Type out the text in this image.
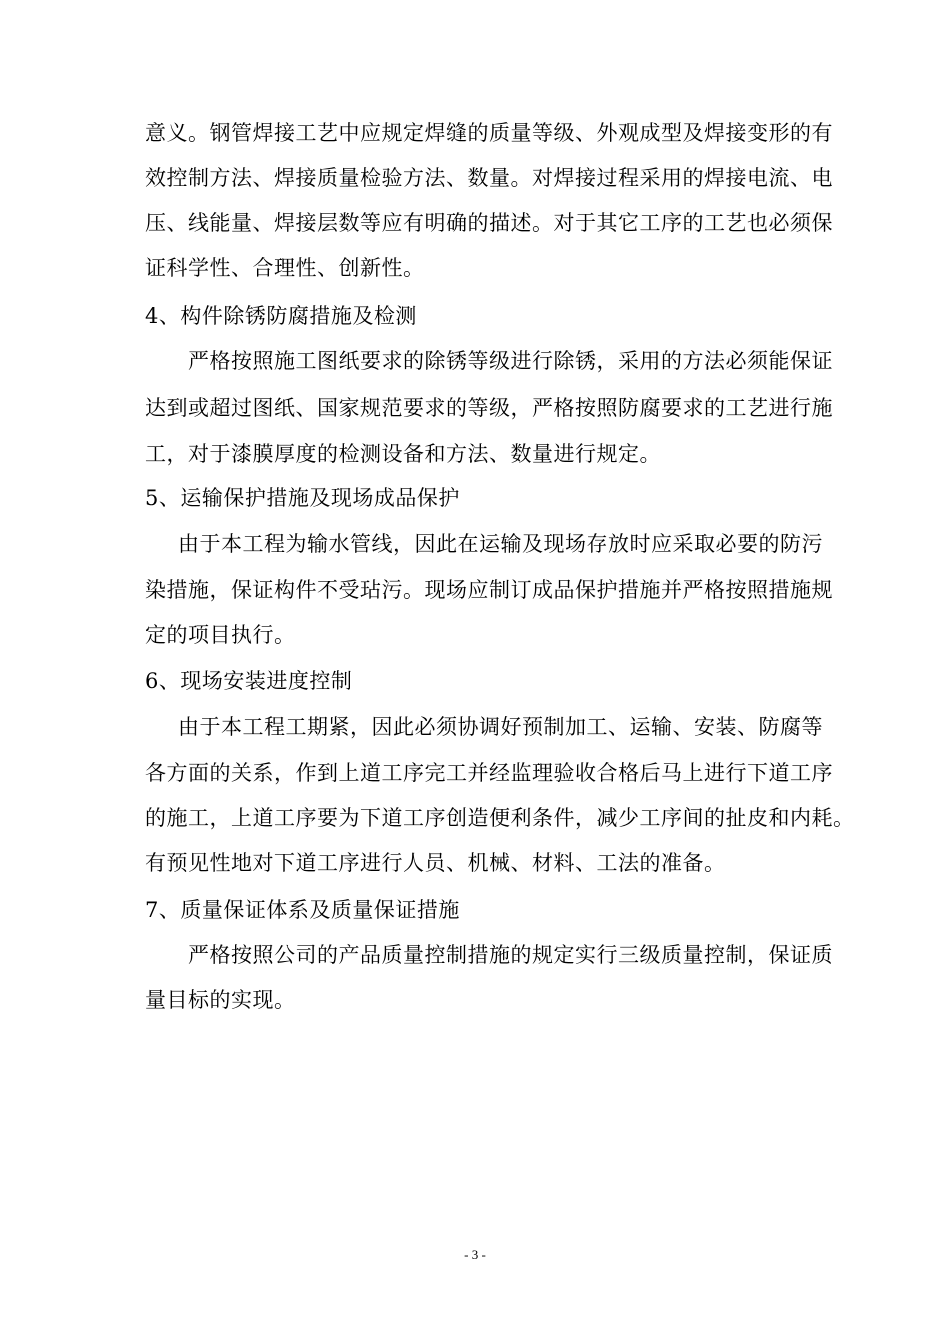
意义。钢管焊接工艺中应规定焊缝的质量等级、外观成型及焊接变形的有
效控制方法、焊接质量检验方法、数量。对焊接过程采用的焊接电流、电
压、线能量、焊接层数等应有明确的描述。对于其它工序的工艺也必须保
证科学性、合理性、创新性。
4、构件除锈防腐措施及检测
严格按照施工图纸要求的除锈等级进行除锈，采用的方法必须能保证
达到或超过图纸、国家规范要求的等级，严格按照防腐要求的工艺进行施
工，对于漆膜厚度的检测设备和方法、数量进行规定。
5、运输保护措施及现场成品保护
由于本工程为输水管线，因此在运输及现场存放时应采取必要的防污
染措施，保证构件不受玷污。现场应制订成品保护措施并严格按照措施规
定的项目执行。
6、现场安装进度控制
由于本工程工期紧，因此必须协调好预制加工、运输、安装、防腐等
各方面的关系，作到上道工序完工并经监理验收合格后马上进行下道工序
的施工，上道工序要为下道工序创造便利条件，减少工序间的扯皮和内耗。
有预见性地对下道工序进行人员、机械、材料、工法的准备。
7、质量保证体系及质量保证措施
严格按照公司的产品质量控制措施的规定实行三级质量控制，保证质
量目标的实现。
- 3 -
